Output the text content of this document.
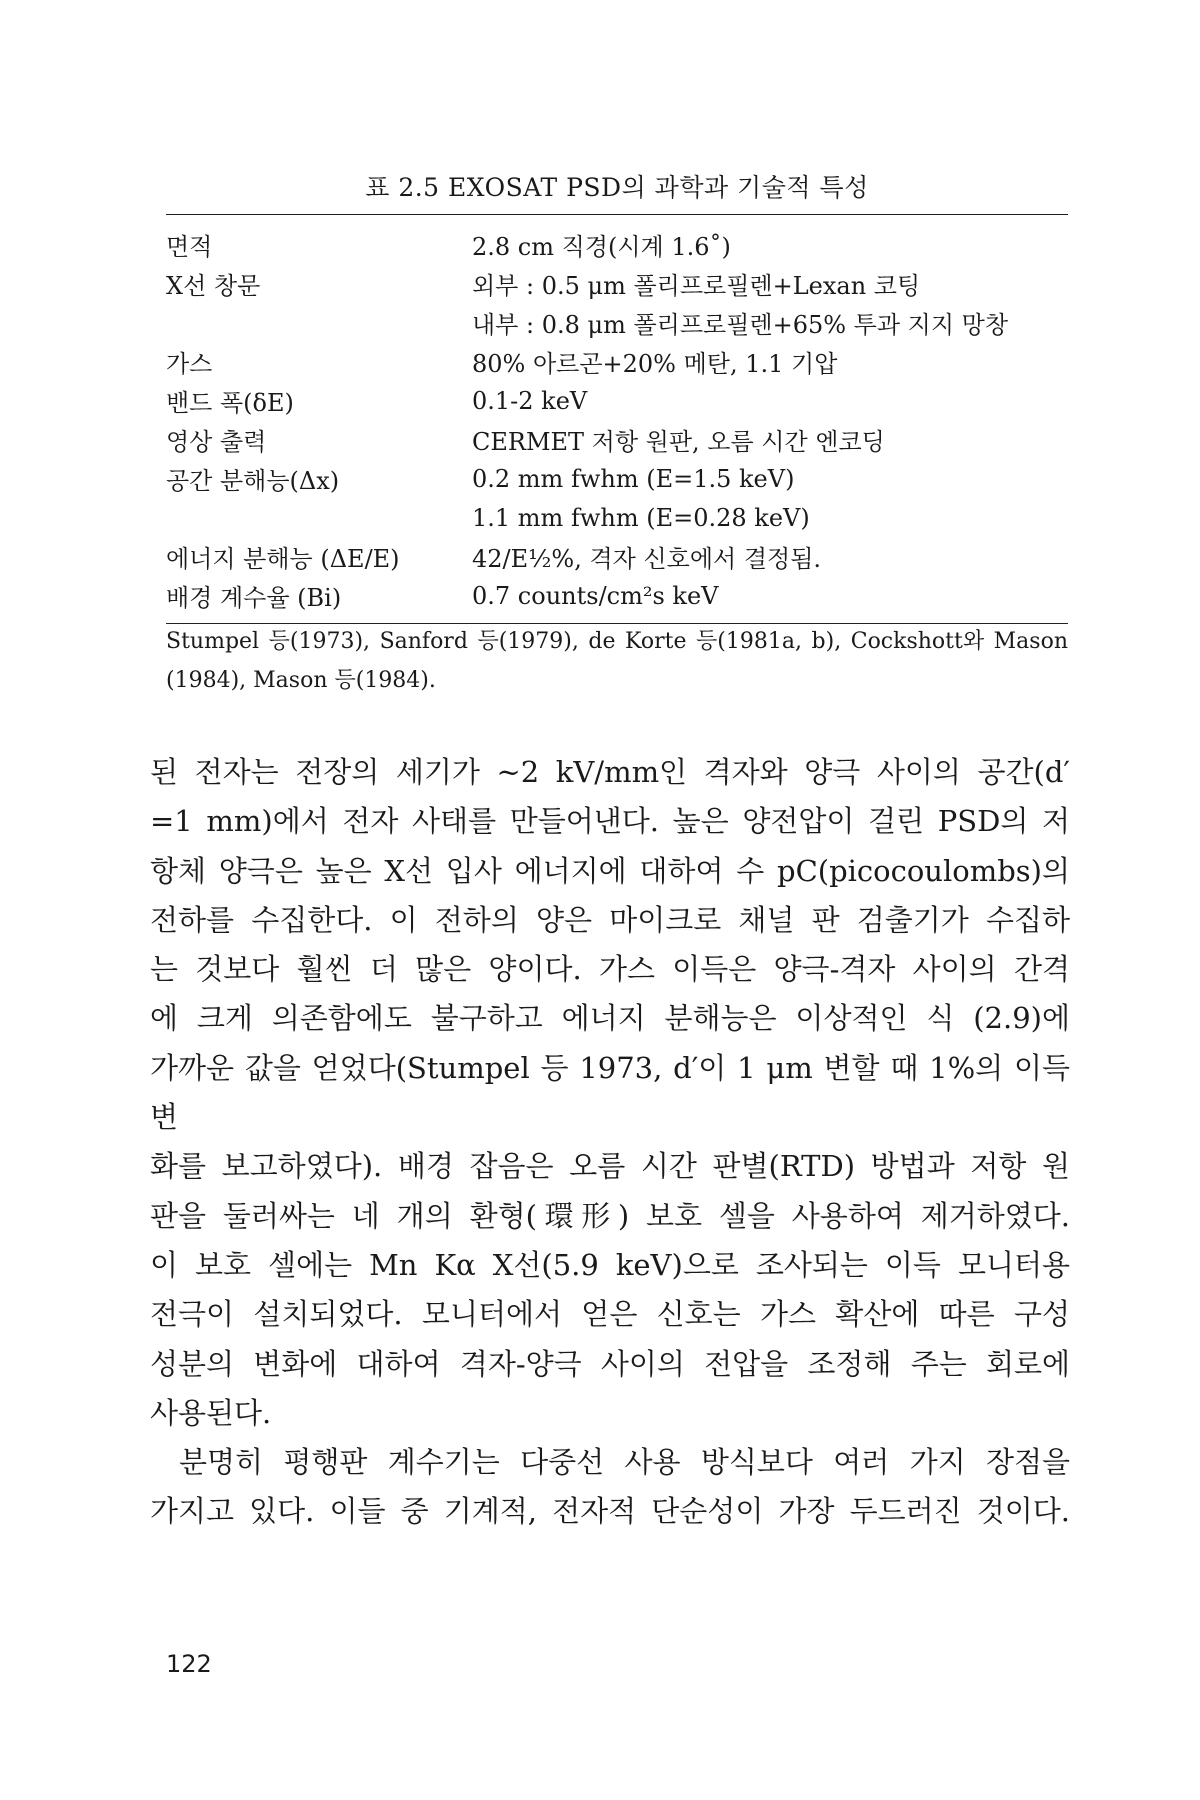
표 2.5 EXOSAT PSD의 과학과 기술적 특성
면적	2.8 cm 직경(시계 1.6˚)
X선 창문	외부 : 0.5 μm 폴리프로필렌+Lexan 코팅
내부 : 0.8 μm 폴리프로필렌+65% 투과 지지 망창
가스	80% 아르곤+20% 메탄, 1.1 기압
밴드 폭(δE)	0.1-2 keV
영상 출력	CERMET 저항 원판, 오름 시간 엔코딩
공간 분해능(Δx)	0.2 mm fwhm (E=1.5 keV)
1.1 mm fwhm (E=0.28 keV)
에너지 분해능 (ΔE/E)	42/E½%, 격자 신호에서 결정됨.
배경 계수율 (Bi)	0.7 counts/cm²s keV
Stumpel 등(1973), Sanford 등(1979), de Korte 등(1981a, b), Cockshott와 Mason (1984), Mason 등(1984).

된 전자는 전장의 세기가 ~2 kV/mm인 격자와 양극 사이의 공간(d′

=1 mm)에서 전자 사태를 만들어낸다. 높은 양전압이 걸린 PSD의 저

항체 양극은 높은 X선 입사 에너지에 대하여 수 pC(picocoulombs)의

전하를 수집한다. 이 전하의 양은 마이크로 채널 판 검출기가 수집하

는 것보다 훨씬 더 많은 양이다. 가스 이득은 양극-격자 사이의 간격

에 크게 의존함에도 불구하고 에너지 분해능은 이상적인 식 (2.9)에

가까운 값을 얻었다(Stumpel 등 1973, d′이 1 μm 변할 때 1%의 이득 변

화를 보고하였다). 배경 잡음은 오름 시간 판별(RTD) 방법과 저항 원

판을 둘러싸는 네 개의 환형(環形) 보호 셀을 사용하여 제거하였다.

이 보호 셀에는 Mn Kα X선(5.9 keV)으로 조사되는 이득 모니터용

전극이 설치되었다. 모니터에서 얻은 신호는 가스 확산에 따른 구성

성분의 변화에 대하여 격자-양극 사이의 전압을 조정해 주는 회로에

사용된다.

분명히 평행판 계수기는 다중선 사용 방식보다 여러 가지 장점을

가지고 있다. 이들 중 기계적, 전자적 단순성이 가장 두드러진 것이다.

122
